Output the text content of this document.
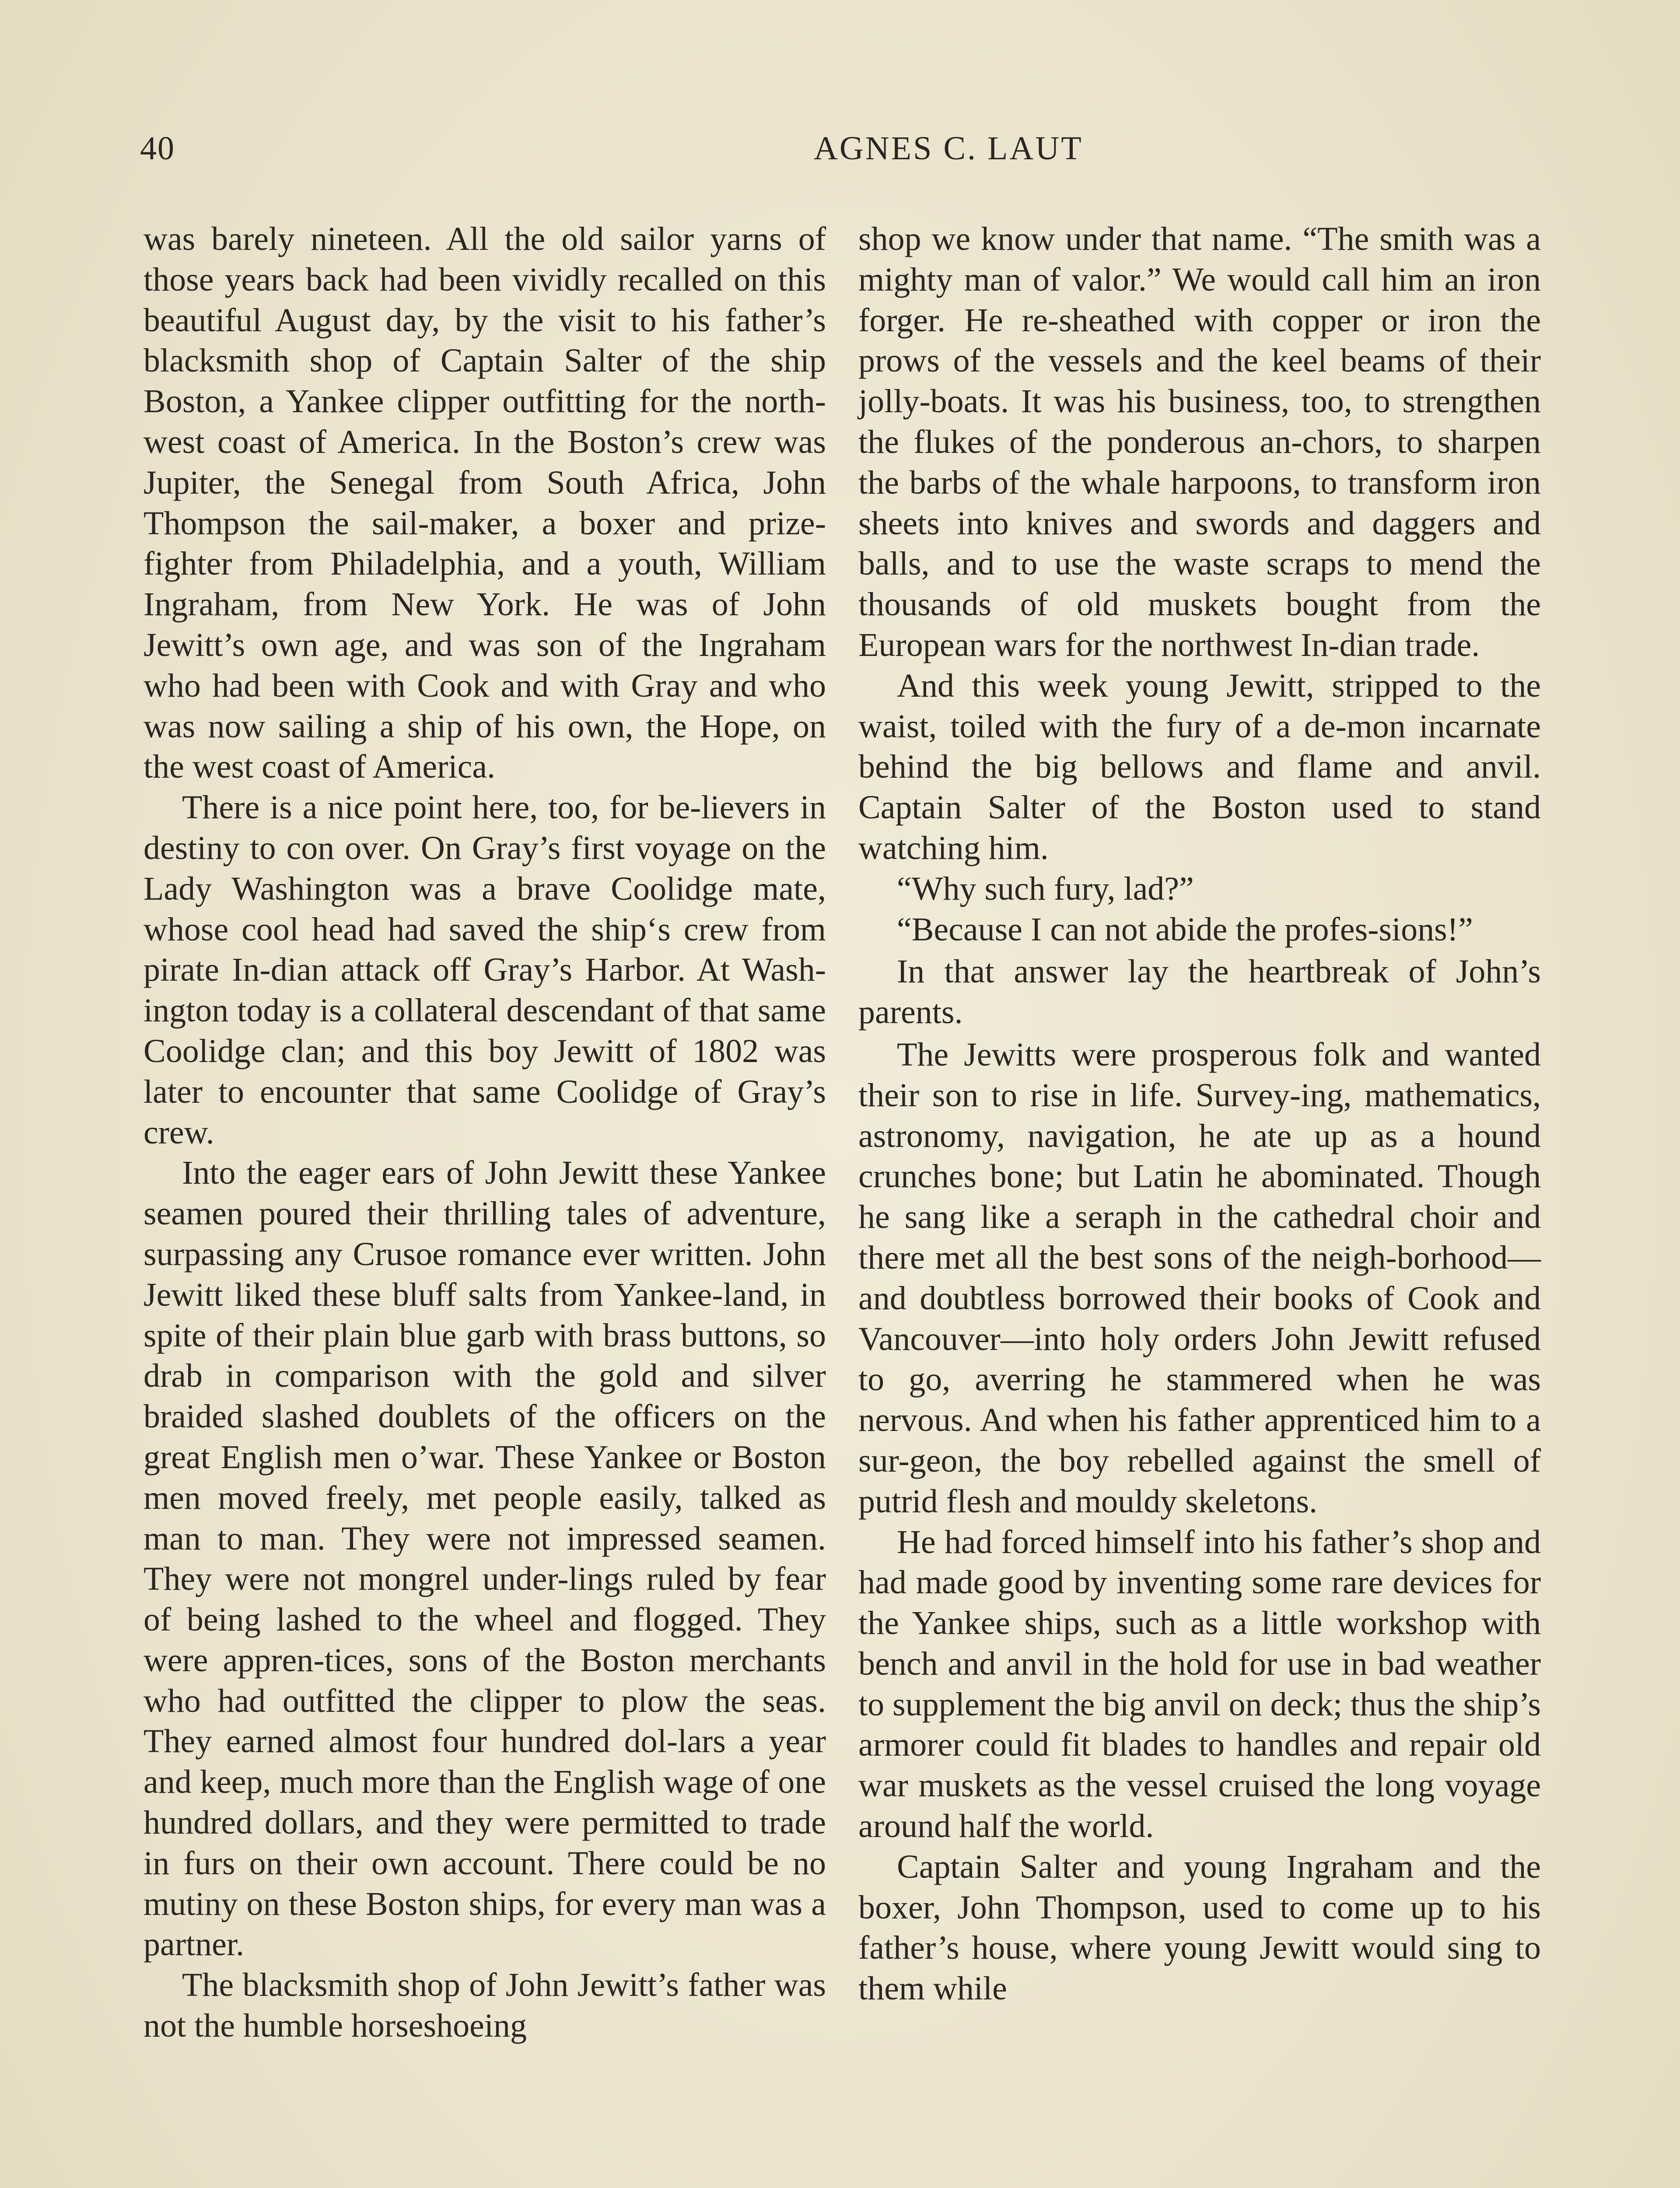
40	AGNES C. LAUT

was barely nineteen. All the old sailor yarns of those years back had been vividly recalled on this beautiful August day, by the visit to his father’s blacksmith shop of Captain Salter of the ship Boston, a Yankee clipper outfitting for the north-west coast of America. In the Boston’s crew was Jupiter, the Senegal from South Africa, John Thompson the sail-maker, a boxer and prize-fighter from Philadelphia, and a youth, William Ingraham, from New York. He was of John Jewitt’s own age, and was son of the Ingraham who had been with Cook and with Gray and who was now sailing a ship of his own, the Hope, on the west coast of America.

There is a nice point here, too, for be-lievers in destiny to con over. On Gray’s first voyage on the Lady Washington was a brave Coolidge mate, whose cool head had saved the ship‘s crew from pirate In-dian attack off Gray’s Harbor. At Wash-ington today is a collateral descendant of that same Coolidge clan; and this boy Jewitt of 1802 was later to encounter that same Coolidge of Gray’s crew.

Into the eager ears of John Jewitt these Yankee seamen poured their thrilling tales of adventure, surpassing any Crusoe romance ever written. John Jewitt liked these bluff salts from Yankee-land, in spite of their plain blue garb with brass buttons, so drab in comparison with the gold and silver braided slashed doublets of the officers on the great English men o’war. These Yankee or Boston men moved freely, met people easily, talked as man to man. They were not impressed seamen. They were not mongrel under-lings ruled by fear of being lashed to the wheel and flogged. They were appren-tices, sons of the Boston merchants who had outfitted the clipper to plow the seas. They earned almost four hundred dol-lars a year and keep, much more than the English wage of one hundred dollars, and they were permitted to trade in furs on their own account. There could be no mutiny on these Boston ships, for every man was a partner.

The blacksmith shop of John Jewitt’s father was not the humble horseshoeing

shop we know under that name. “The smith was a mighty man of valor.” We would call him an iron forger. He re-sheathed with copper or iron the prows of the vessels and the keel beams of their jolly-boats. It was his business, too, to strengthen the flukes of the ponderous an-chors, to sharpen the barbs of the whale harpoons, to transform iron sheets into knives and swords and daggers and balls, and to use the waste scraps to mend the thousands of old muskets bought from the European wars for the northwest In-dian trade.

And this week young Jewitt, stripped to the waist, toiled with the fury of a de-mon incarnate behind the big bellows and flame and anvil. Captain Salter of the Boston used to stand watching him.

“Why such fury, lad?”

“Because I can not abide the profes-sions!”

In that answer lay the heartbreak of John’s parents.

The Jewitts were prosperous folk and wanted their son to rise in life. Survey-ing, mathematics, astronomy, navigation, he ate up as a hound crunches bone; but Latin he abominated. Though he sang like a seraph in the cathedral choir and there met all the best sons of the neigh-borhood—and doubtless borrowed their books of Cook and Vancouver—into holy orders John Jewitt refused to go, averring he stammered when he was nervous. And when his father apprenticed him to a sur-geon, the boy rebelled against the smell of putrid flesh and mouldy skeletons.

He had forced himself into his father’s shop and had made good by inventing some rare devices for the Yankee ships, such as a little workshop with bench and anvil in the hold for use in bad weather to supplement the big anvil on deck; thus the ship’s armorer could fit blades to handles and repair old war muskets as the vessel cruised the long voyage around half the world.

Captain Salter and young Ingraham and the boxer, John Thompson, used to come up to his father’s house, where young Jewitt would sing to them while
